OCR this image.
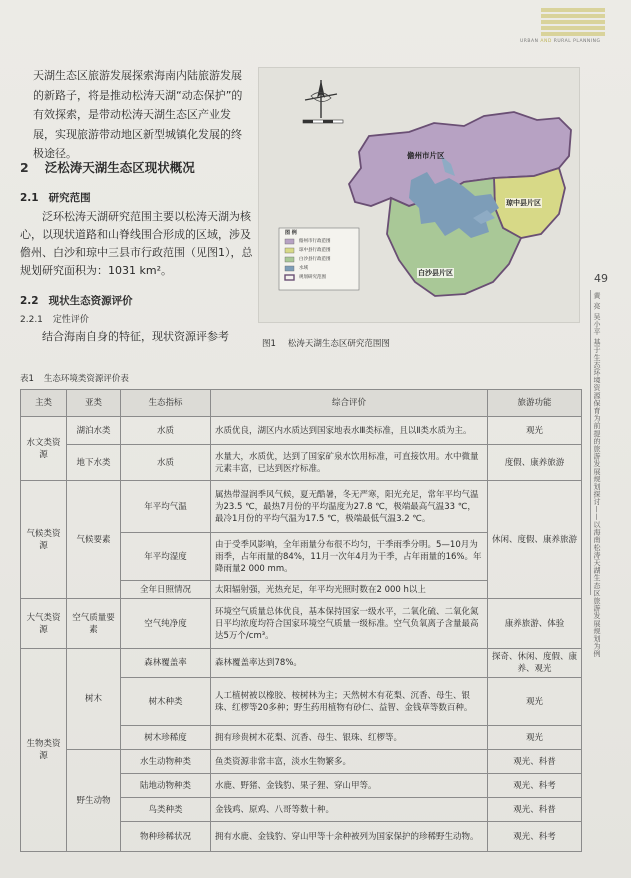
URBAN AND RURAL PLANNING

天湖生态区旅游发展探索海南内陆旅游发展的新路子，将是推动松涛天湖“动态保护”的有效探索，是带动松涛天湖生态区产业发展，实现旅游带动地区新型城镇化发展的终极途径。

2 泛松涛天湖生态区现状概况
2.1 研究范围

泛环松涛天湖研究范围主要以松涛天湖为核心，以现状道路和山脊线围合形成的区域，涉及儋州、白沙和琼中三县市行政范围（见图1），总规划研究面积为：1031 km²。

2.2 现状生态资源评价
2.2.1 定性评价

结合海南自身的特征，现状资源评参考

儋州市片区
琼中县片区
白沙县片区
图 例
儋州市行政范围
琼中县行政范围
白沙县行政范围
水域
规划研究范围
图1 松涛天湖生态区研究范围图
49
黄 亮 吴小平 基于生态环境资源保育为前提的旅游发展规划探讨——以海南松涛天湖生态区旅游发展规划为例
表1 生态环境类资源评价表
主类	亚类	生态指标	综合评价	旅游功能
水文类资源	湖泊水类	水质	水质优良，湖区内水质达到国家地表水Ⅲ类标准，且以Ⅱ类水质为主。	观光
	地下水类	水质	水量大，水质优，达到了国家矿泉水饮用标准，可直接饮用。水中微量元素丰富，已达到医疗标准。	度假、康养旅游
气候类资源	气候要素	年平均气温	属热带湿润季风气候，夏无酷暑，冬无严寒，阳光充足，常年平均气温为23.5 ℃，最热7月份的平均温度为27.8 ℃，极端最高气温33 ℃，最冷1月份的平均气温为17.5 ℃，极端最低气温3.2 ℃。	休闲、度假、康养旅游
		年平均湿度	由于受季风影响，全年雨量分布很不均匀，干季雨季分明。5—10月为雨季，占年雨量的84%，11月一次年4月为干季，占年雨量的16%。年降雨量2 000 mm。	
		全年日照情况	太阳辐射强，光热充足，年平均光照时数在2 000 h以上	
大气类资源	空气质量要素	空气纯净度	环境空气质量总体优良，基本保持国家一级水平，二氧化硫、二氧化氮日平均浓度均符合国家环境空气质量一级标准。空气负氧离子含量最高达5万个/cm³。	康养旅游、体验
生物类资源	树木	森林覆盖率	森林覆盖率达到78%。	探奇、休闲、度假、康养、观光
		树木种类	人工植树被以橡胶、桉树林为主；天然树木有花梨、沉香、母生、银珠、红椤等20多种；野生药用植物有砂仁、益智、金钱草等数百种。	观光
		树木珍稀度	拥有珍贵树木花梨、沉香、母生、银珠、红椤等。	观光
	野生动物	水生动物种类	鱼类资源非常丰富，淡水生物繁多。	观光、科普
		陆地动物种类	水鹿、野猪、金钱豹、果子狸、穿山甲等。	观光、科考
		鸟类种类	金钱鸡、原鸡、八哥等数十种。	观光、科普
		物种珍稀状况	拥有水鹿、金钱豹、穿山甲等十余种被列为国家保护的珍稀野生动物。	观光、科考
